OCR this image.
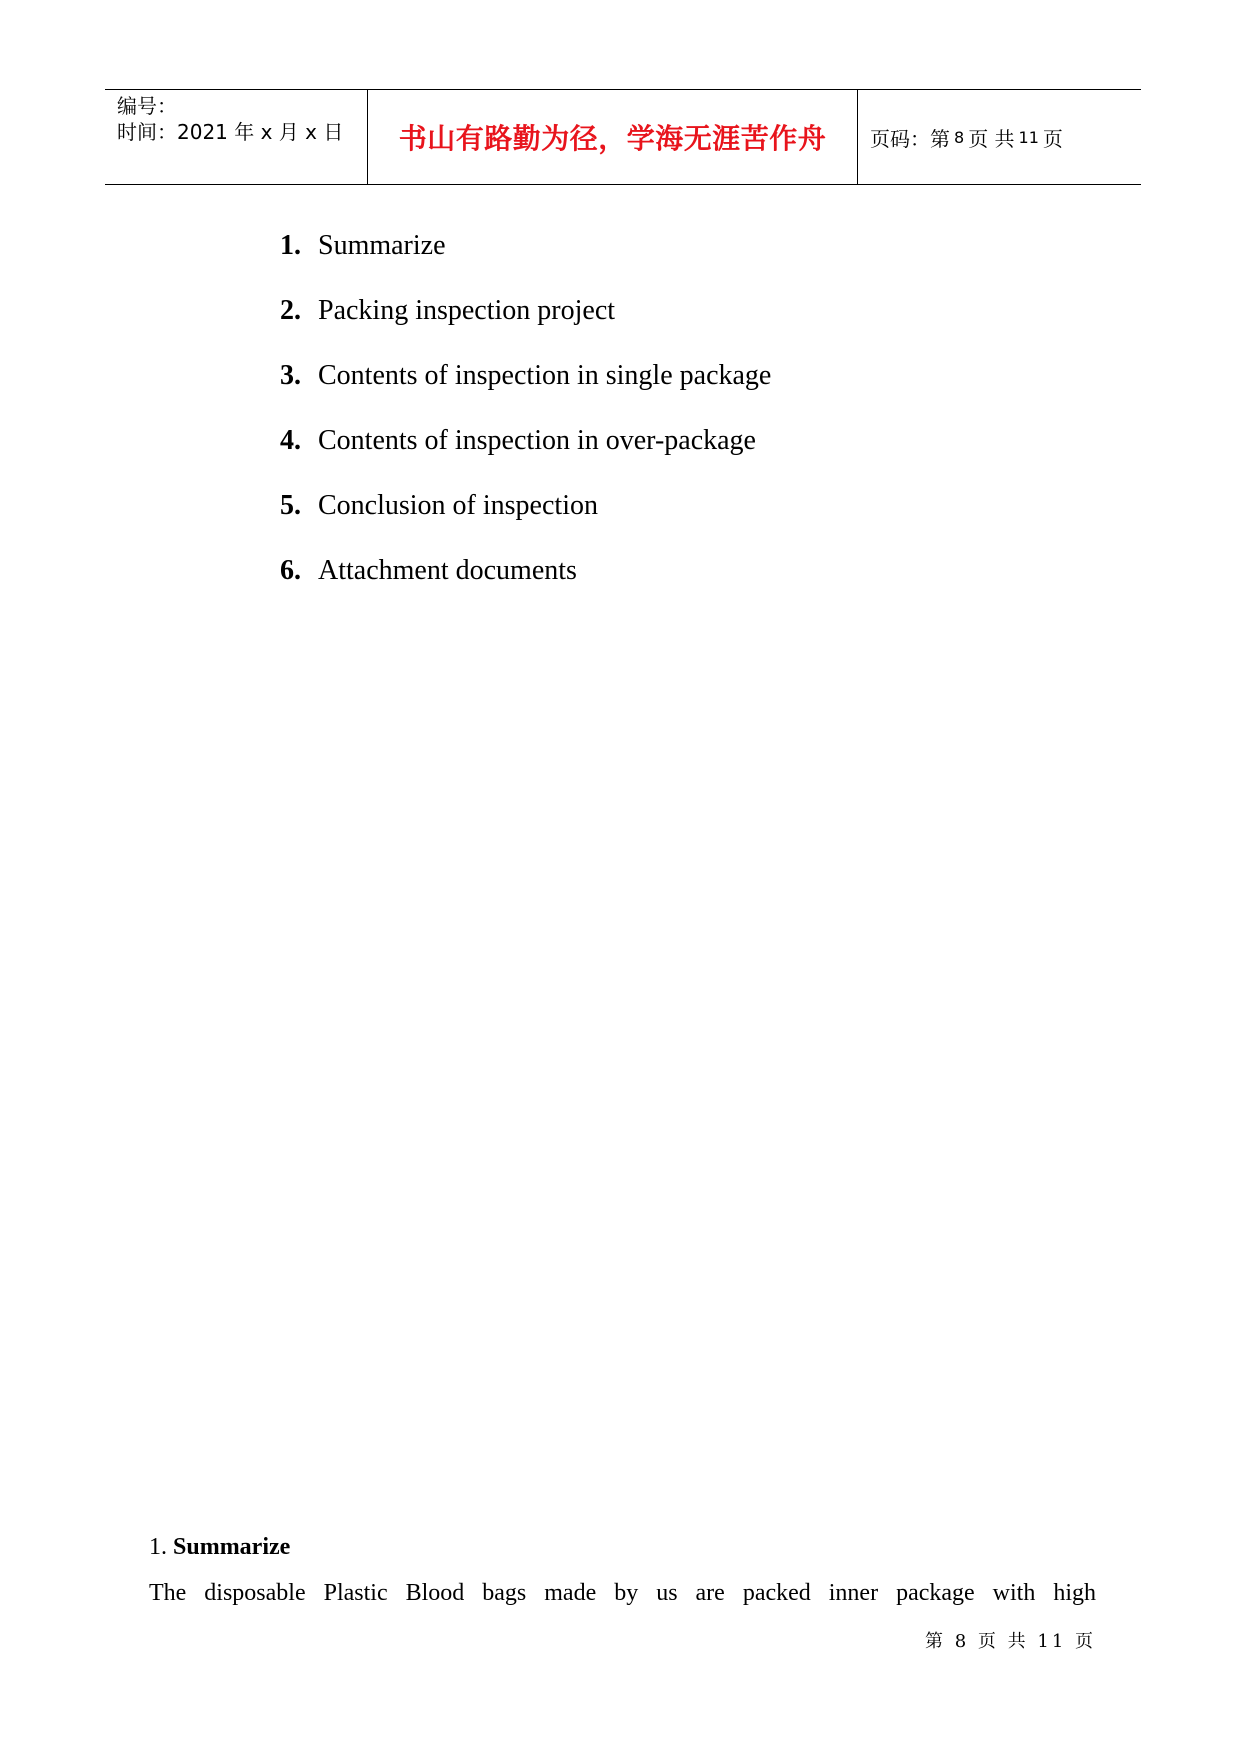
编号：
时间：2021 年 x 月 x 日	书山有路勤为径，学海无涯苦作舟 页码：第 8 页 共 11 页
1. Summarize
2. Packing inspection project
3. Contents of inspection in single package
4. Contents of inspection in over-package
5. Conclusion of inspection
6. Attachment documents
1. Summarize
The disposable Plastic Blood bags made by us are packed inner package with high
第 8 页 共 11 页
